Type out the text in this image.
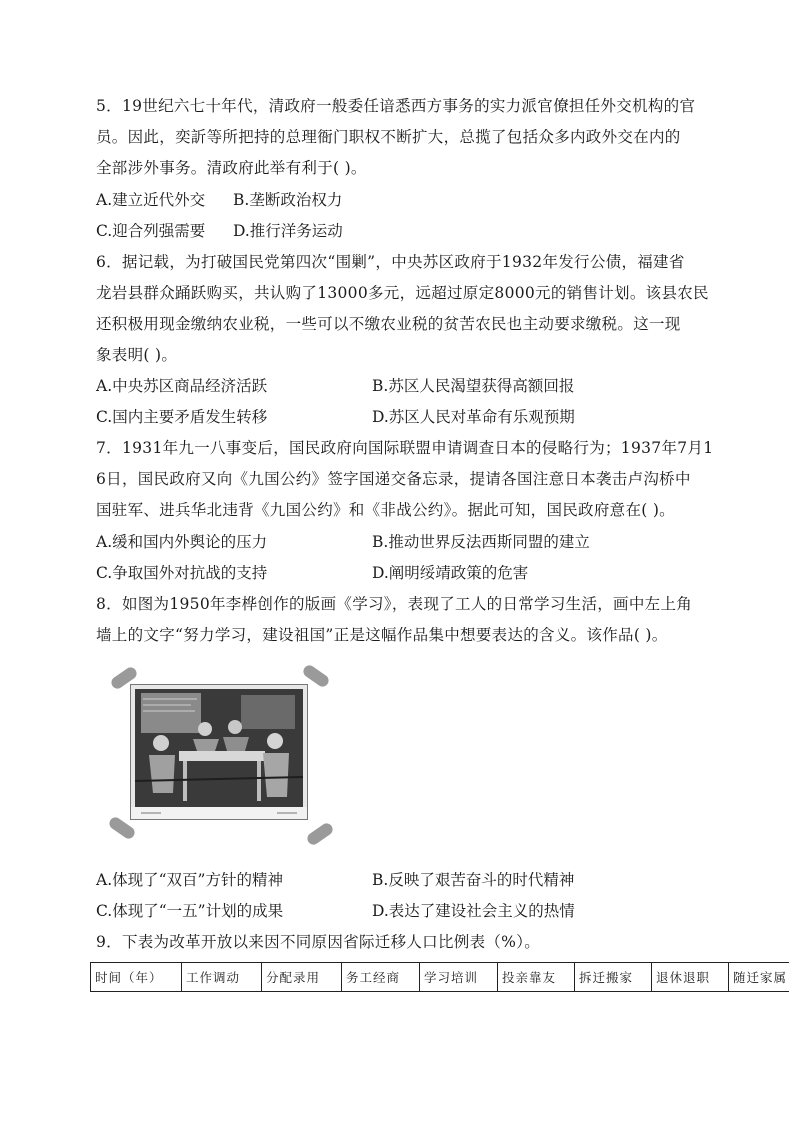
5．19世纪六七十年代，清政府一般委任谙悉西方事务的实力派官僚担任外交机构的官
员。因此，奕訢等所把持的总理衙门职权不断扩大，总揽了包括众多内政外交在内的
全部涉外事务。清政府此举有利于( )。
A.建立近代外交 B.垄断政治权力
C.迎合列强需要 D.推行洋务运动
6．据记载，为打破国民党第四次“围剿”，中央苏区政府于1932年发行公债，福建省
龙岩县群众踊跃购买，共认购了13000多元，远超过原定8000元的销售计划。该县农民
还积极用现金缴纳农业税，一些可以不缴农业税的贫苦农民也主动要求缴税。这一现
象表明( )。
A.中央苏区商品经济活跃	B.苏区人民渴望获得高额回报
C.国内主要矛盾发生转移	D.苏区人民对革命有乐观预期
7．1931年九一八事变后，国民政府向国际联盟申请调查日本的侵略行为；1937年7月1
6日，国民政府又向《九国公约》签字国递交备忘录，提请各国注意日本袭击卢沟桥中
国驻军、进兵华北违背《九国公约》和《非战公约》。据此可知，国民政府意在( )。
A.缓和国内外舆论的压力	B.推动世界反法西斯同盟的建立
C.争取国外对抗战的支持	D.阐明绥靖政策的危害
8．如图为1950年李桦创作的版画《学习》，表现了工人的日常学习生活，画中左上角
墙上的文字“努力学习，建设祖国”正是这幅作品集中想要表达的含义。该作品( )。
A.体现了“双百”方针的精神	B.反映了艰苦奋斗的时代精神
C.体现了“一五”计划的成果	D.表达了建设社会主义的热情
9．下表为改革开放以来因不同原因省际迁移人口比例表（%）。
时间（年）	工作调动	分配录用	务工经商	学习培训	投亲靠友	拆迁搬家	退休退职	随迁家属
